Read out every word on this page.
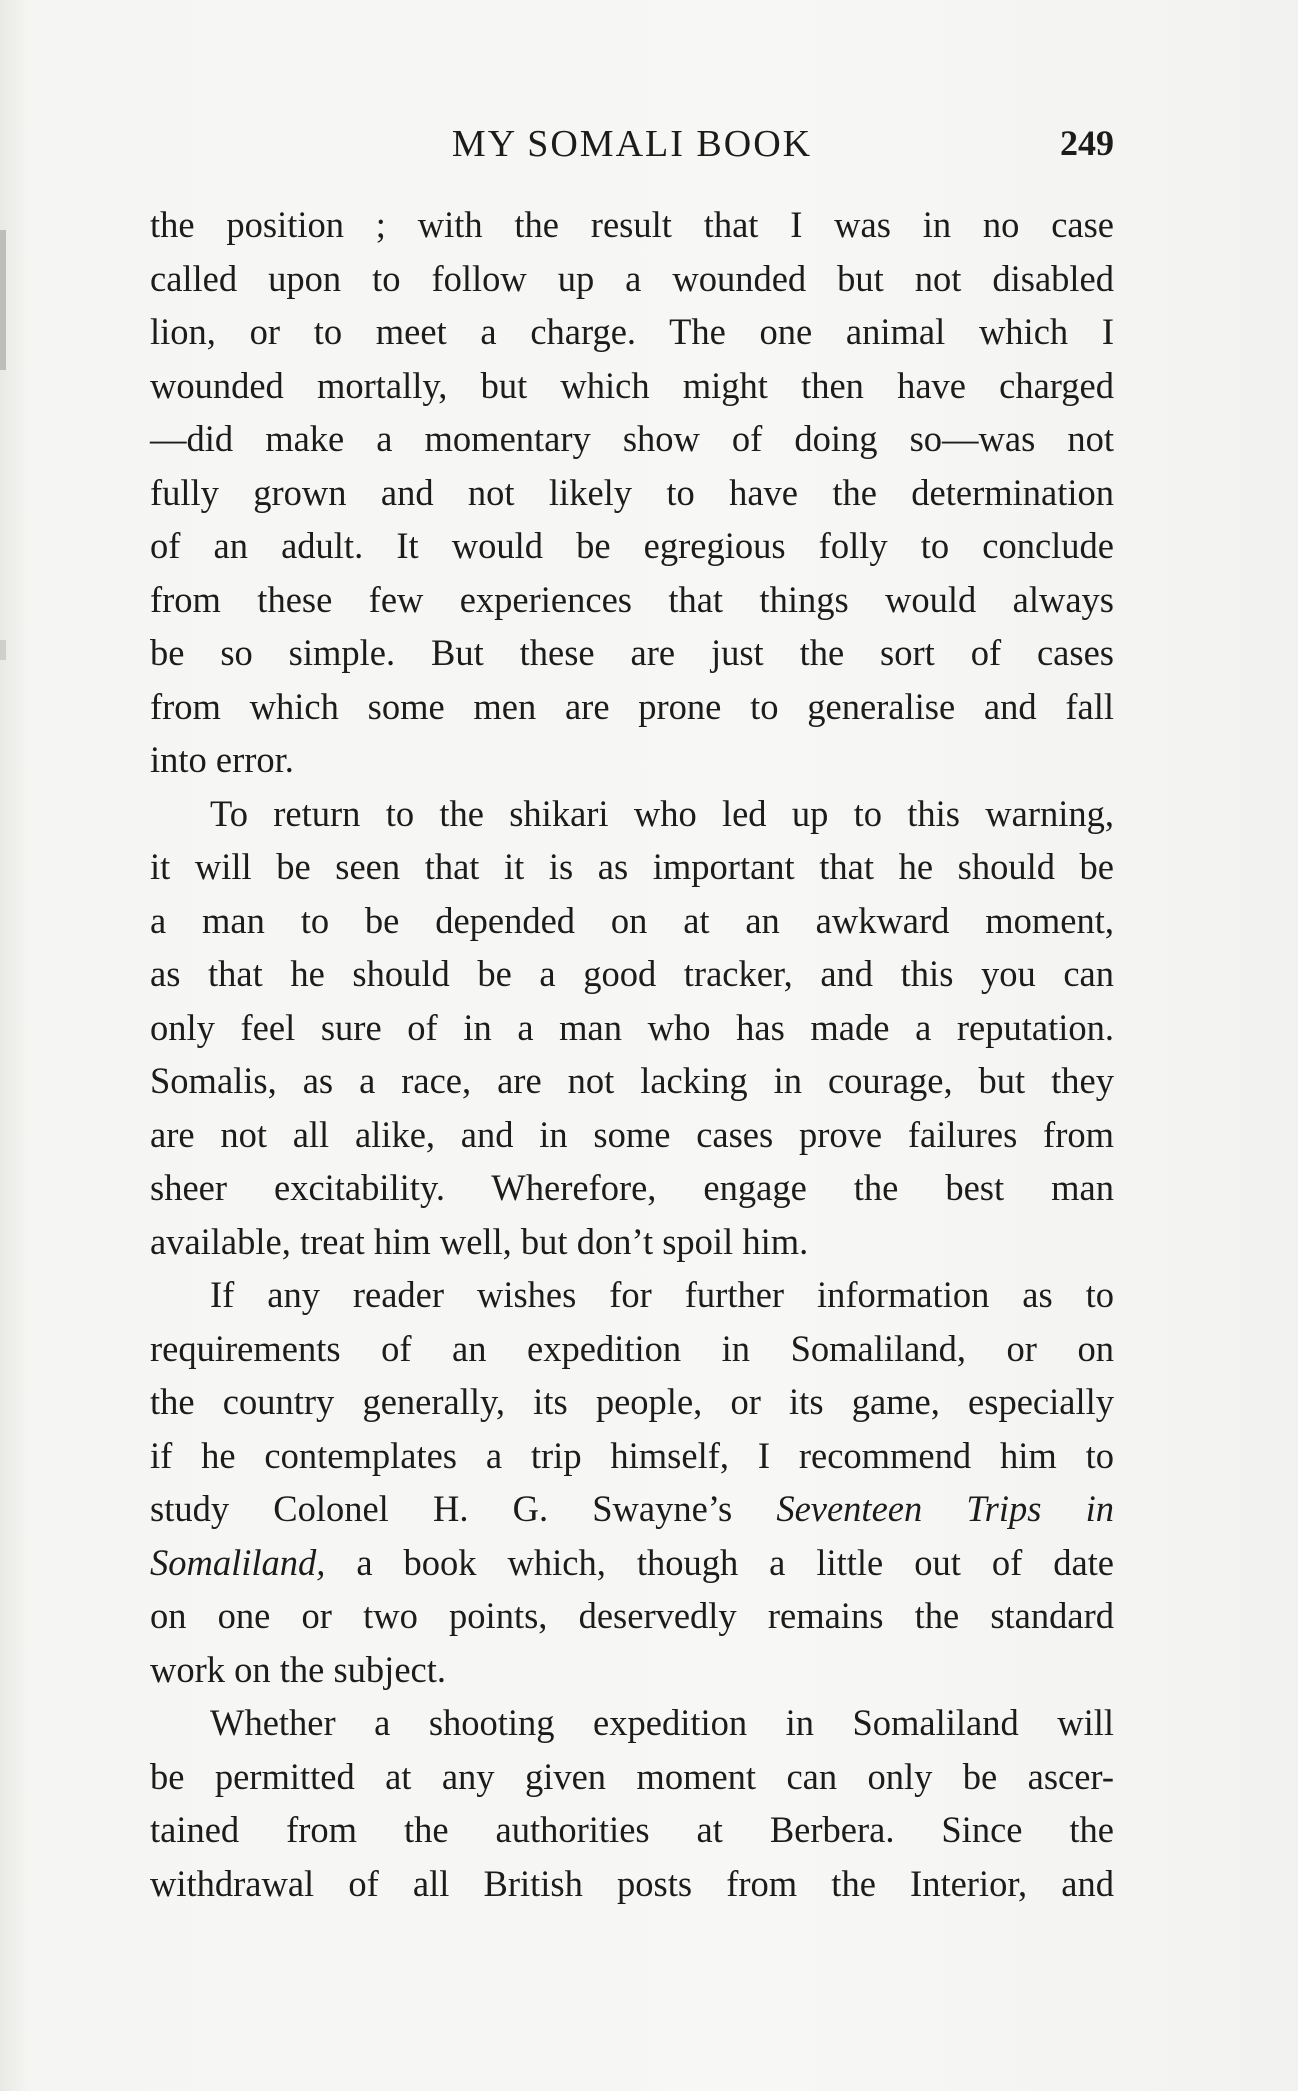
MY SOMALI BOOK	249
the position ; with the result that I was in no case
called upon to follow up a wounded but not disabled
lion, or to meet a charge. The one animal which I
wounded mortally, but which might then have charged
—did make a momentary show of doing so—was not
fully grown and not likely to have the determination
of an adult. It would be egregious folly to conclude
from these few experiences that things would always
be so simple. But these are just the sort of cases
from which some men are prone to generalise and fall
into error.
To return to the shikari who led up to this warning,
it will be seen that it is as important that he should be
a man to be depended on at an awkward moment,
as that he should be a good tracker, and this you can
only feel sure of in a man who has made a reputation.
Somalis, as a race, are not lacking in courage, but they
are not all alike, and in some cases prove failures from
sheer excitability. Wherefore, engage the best man
available, treat him well, but don’t spoil him.
If any reader wishes for further information as to
requirements of an expedition in Somaliland, or on
the country generally, its people, or its game, especially
if he contemplates a trip himself, I recommend him to
study Colonel H. G. Swayne’s Seventeen Trips in
Somaliland, a book which, though a little out of date
on one or two points, deservedly remains the standard
work on the subject.
Whether a shooting expedition in Somaliland will
be permitted at any given moment can only be ascer-
tained from the authorities at Berbera. Since the
withdrawal of all British posts from the Interior, and
